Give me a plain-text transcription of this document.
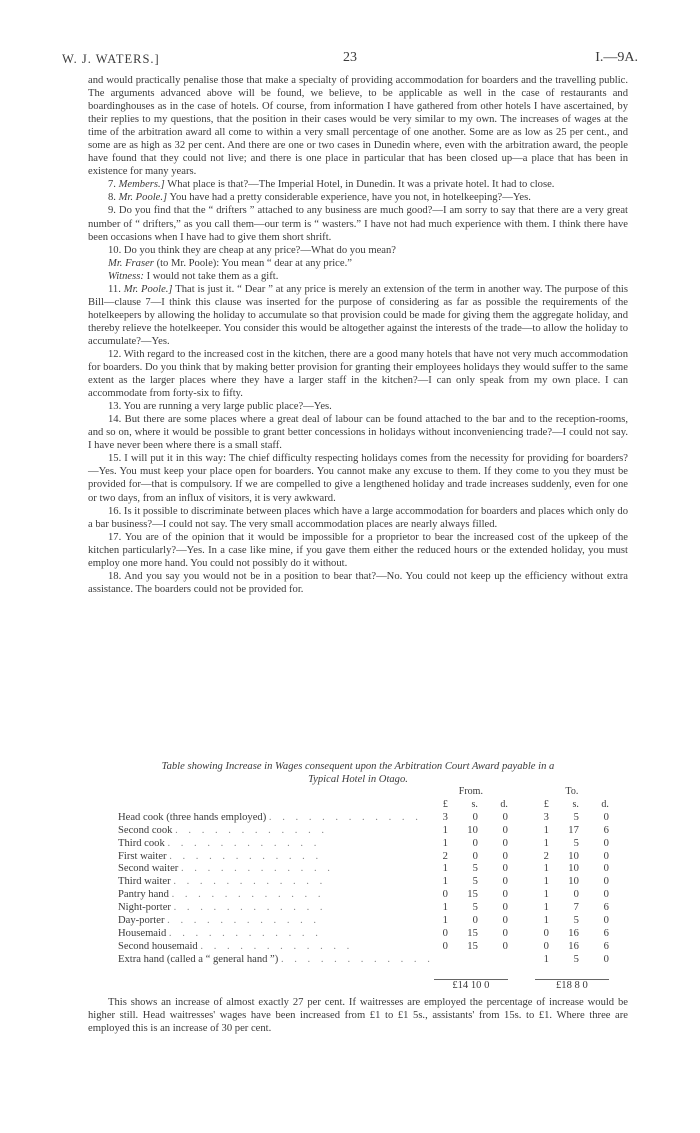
W. J. WATERS.]	23	I.—9A.

and would practically penalise those that make a specialty of providing accommodation for boarders and the travelling public. The arguments advanced above will be found, we believe, to be applicable as well in the case of restaurants and boardinghouses as in the case of hotels. Of course, from information I have gathered from other hotels I have ascertained, by their replies to my questions, that the position in their cases would be very similar to my own. The increases of wages at the time of the arbitration award all come to within a very small percentage of one another. Some are as low as 25 per cent., and some are as high as 32 per cent. And there are one or two cases in Dunedin where, even with the arbitration award, the people have found that they could not live; and there is one place in particular that has been closed up—a place that has been in existence for many years.

7. Members.] What place is that?—The Imperial Hotel, in Dunedin. It was a private hotel. It had to close.

8. Mr. Poole.] You have had a pretty considerable experience, have you not, in hotelkeeping?—Yes.

9. Do you find that the “ drifters ” attached to any business are much good?—I am sorry to say that there are a very great number of “ drifters,” as you call them—our term is “ wasters.” I have not had much experience with them. I think there have been occasions when I have had to give them short shrift.

10. Do you think they are cheap at any price?—What do you mean?

Mr. Fraser (to Mr. Poole): You mean “ dear at any price.”

Witness: I would not take them as a gift.

11. Mr. Poole.] That is just it. “ Dear ” at any price is merely an extension of the term in another way. The purpose of this Bill—clause 7—I think this clause was inserted for the purpose of considering as far as possible the requirements of the hotelkeepers by allowing the holiday to accumulate so that provision could be made for giving them the aggregate holiday, and thereby relieve the hotelkeeper. You consider this would be altogether against the interests of the trade—to allow the holiday to accumulate?—Yes.

12. With regard to the increased cost in the kitchen, there are a good many hotels that have not very much accommodation for boarders. Do you think that by making better provision for granting their employees holidays they would suffer to the same extent as the larger places where they have a larger staff in the kitchen?—I can only speak from my own place. I can accommodate from forty-six to fifty.

13. You are running a very large public place?—Yes.

14. But there are some places where a great deal of labour can be found attached to the bar and to the reception-rooms, and so on, where it would be possible to grant better concessions in holidays without inconveniencing trade?—I could not say. I have never been where there is a small staff.

15. I will put it in this way: The chief difficulty respecting holidays comes from the necessity for providing for boarders?—Yes. You must keep your place open for boarders. You cannot make any excuse to them. If they come to you they must be provided for—that is compulsory. If we are compelled to give a lengthened holiday and trade increases suddenly, even for one or two days, from an influx of visitors, it is very awkward.

16. Is it possible to discriminate between places which have a large accommodation for boarders and places which only do a bar business?—I could not say. The very small accommodation places are nearly always filled.

17. You are of the opinion that it would be impossible for a proprietor to bear the increased cost of the upkeep of the kitchen particularly?—Yes. In a case like mine, if you gave them either the reduced hours or the extended holiday, you must employ one more hand. You could not possibly do it without.

18. And you say you would not be in a position to bear that?—No. You could not keep up the efficiency without extra assistance. The boarders could not be provided for.

Table showing Increase in Wages consequent upon the Arbitration Court Award payable in a
Typical Hotel in Otago.
	From.						To.				
	£		s.		d.		£		s.		d.
Head cook (three hands employed) . . . . . . . . . . . .	3		0		0		3		5		0
Second cook . . . . . . . . . . . .	1		10		0		1		17		6
Third cook . . . . . . . . . . . .	1		0		0		1		5		0
First waiter . . . . . . . . . . . .	2		0		0		2		10		0
Second waiter . . . . . . . . . . . .	1		5		0		1		10		0
Third waiter . . . . . . . . . . . .	1		5		0		1		10		0
Pantry hand . . . . . . . . . . . .	0		15		0		1		0		0
Night-porter . . . . . . . . . . . .	1		5		0		1		7		6
Day-porter . . . . . . . . . . . .	1		0		0		1		5		0
Housemaid . . . . . . . . . . . .	0		15		0		0		16		6
Second housemaid . . . . . . . . . . . .	0		15		0		0		16		6
Extra hand (called a “ general hand ”) . . . . . . . . . . . .							1		5		0

	£14 10 0						£18 8 0				

This shows an increase of almost exactly 27 per cent. If waitresses are employed the percentage of increase would be higher still. Head waitresses' wages have been increased from £1 to £1 5s., assistants' from 15s. to £1. Where three are employed this is an increase of 30 per cent.
